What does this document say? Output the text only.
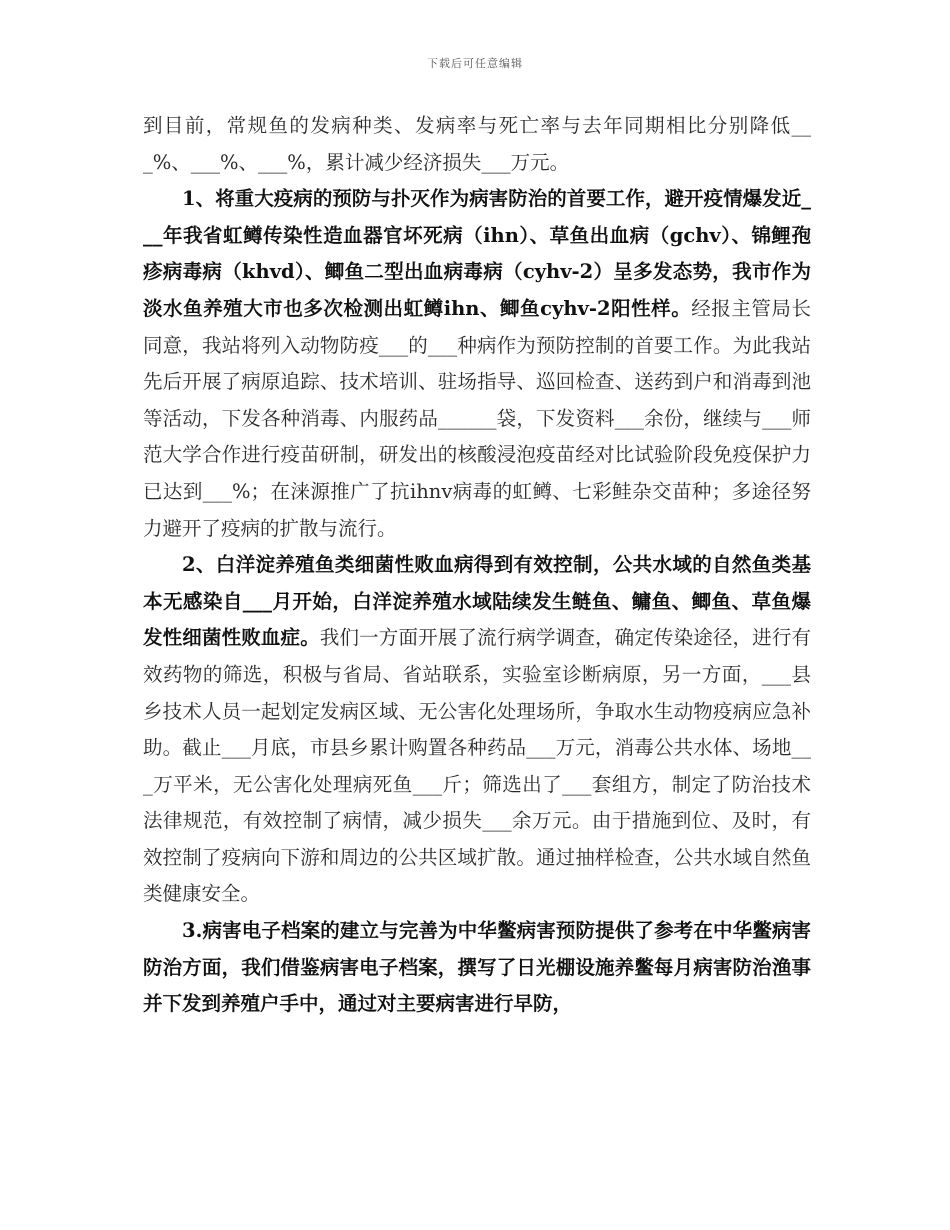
下载后可任意编辑

到目前，常规鱼的发病种类、发病率与死亡率与去年同期相比分别降低___%、___%、___%，累计减少经济损失___万元。

1、将重大疫病的预防与扑灭作为病害防治的首要工作，避开疫情爆发近___年我省虹鳟传染性造血器官坏死病（ihn）、草鱼出血病（gchv）、锦鲤孢疹病毒病（khvd）、鲫鱼二型出血病毒病（cyhv-2）呈多发态势，我市作为淡水鱼养殖大市也多次检测出虹鳟ihn、鲫鱼cyhv-2阳性样。经报主管局长同意，我站将列入动物防疫___的___种病作为预防控制的首要工作。为此我站先后开展了病原追踪、技术培训、驻场指导、巡回检查、送药到户和消毒到池等活动，下发各种消毒、内服药品______袋，下发资料___余份，继续与___师范大学合作进行疫苗研制，研发出的核酸浸泡疫苗经对比试验阶段免疫保护力已达到___%；在涞源推广了抗ihnv病毒的虹鳟、七彩鲑杂交苗种；多途径努力避开了疫病的扩散与流行。

2、白洋淀养殖鱼类细菌性败血病得到有效控制，公共水域的自然鱼类基本无感染自___月开始，白洋淀养殖水域陆续发生鲢鱼、鳙鱼、鲫鱼、草鱼爆发性细菌性败血症。我们一方面开展了流行病学调查，确定传染途径，进行有效药物的筛选，积极与省局、省站联系，实验室诊断病原，另一方面，___县乡技术人员一起划定发病区域、无公害化处理场所，争取水生动物疫病应急补助。截止___月底，市县乡累计购置各种药品___万元，消毒公共水体、场地___万平米，无公害化处理病死鱼___斤；筛选出了___套组方，制定了防治技术法律规范，有效控制了病情，减少损失___余万元。由于措施到位、及时，有效控制了疫病向下游和周边的公共区域扩散。通过抽样检查，公共水域自然鱼类健康安全。

3.病害电子档案的建立与完善为中华鳖病害预防提供了参考在中华鳖病害防治方面，我们借鉴病害电子档案，撰写了日光棚设施养鳖每月病害防治渔事并下发到养殖户手中，通过对主要病害进行早防，
